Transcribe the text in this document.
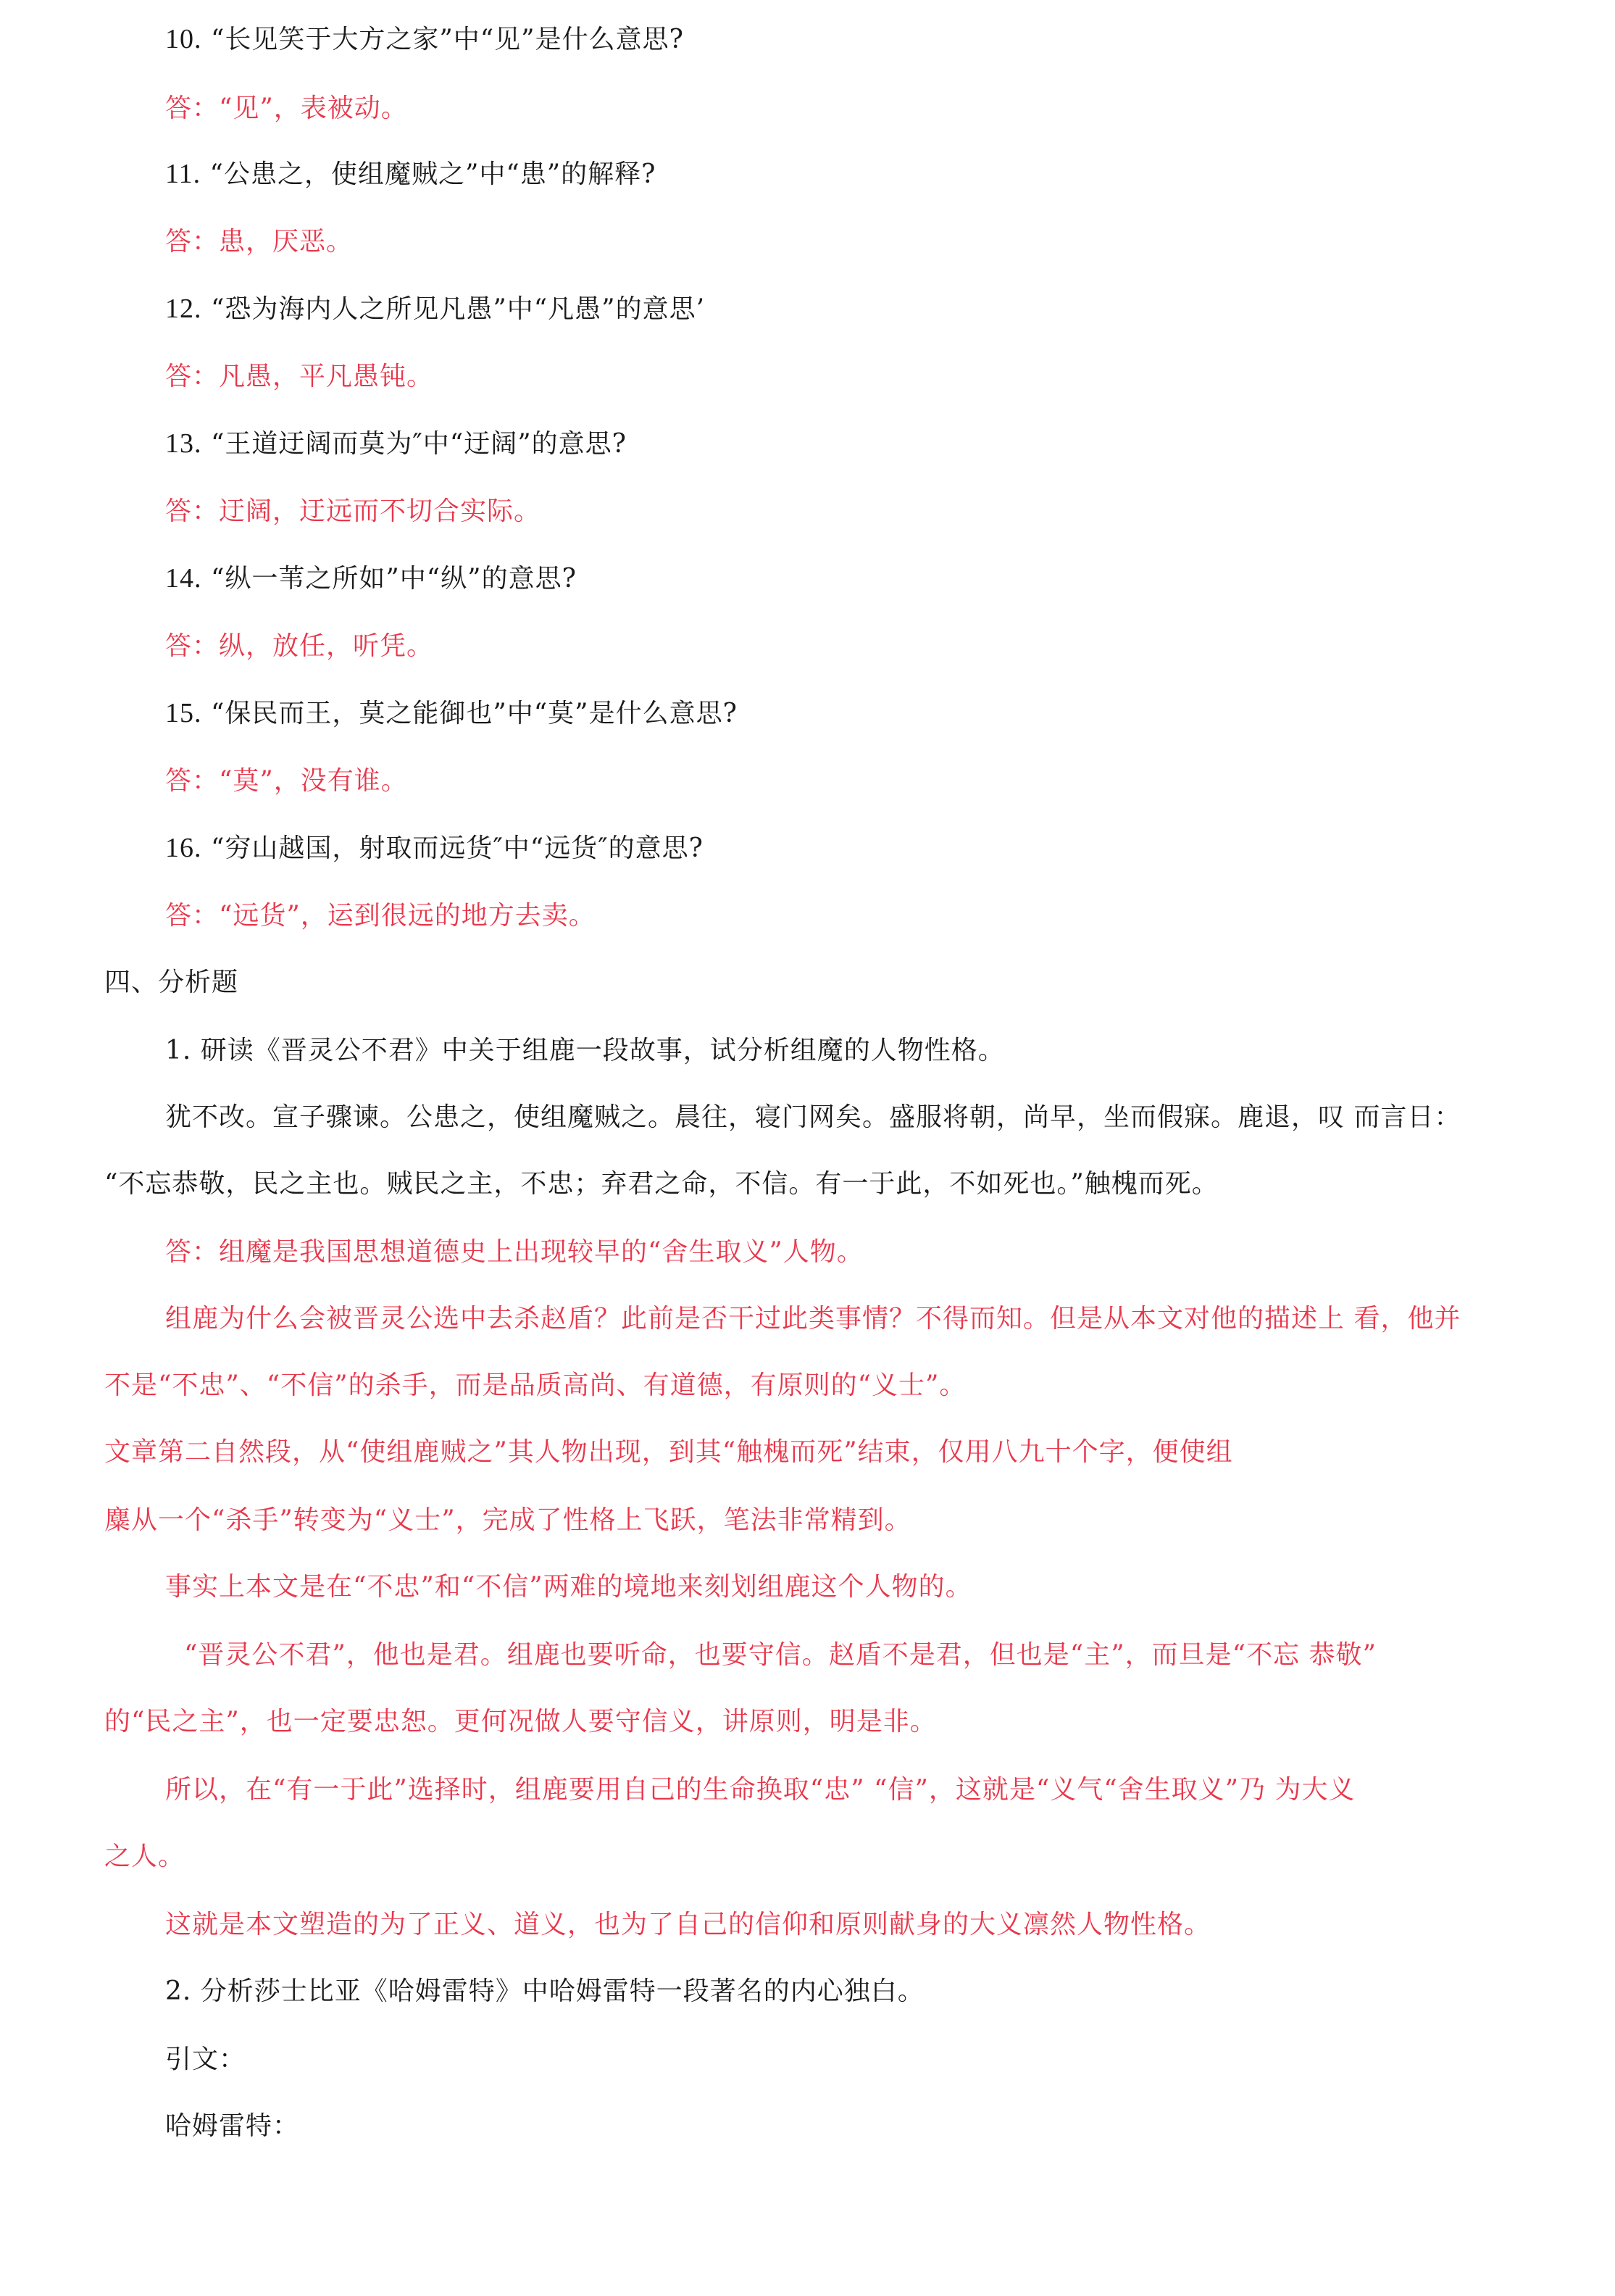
10. “长见笑于大方之家”中“见”是什么意思?

答：“见”，表被动。

11. “公患之，使组魔贼之”中“患”的解释?

答：患，厌恶。

12. “恐为海内人之所见凡愚”中“凡愚”的意思’

答：凡愚，平凡愚钝。

13. “王道迂阔而莫为″中“迂阔”的意思?

答：迂阔，迂远而不切合实际。

14. “纵一苇之所如”中“纵”的意思?

答：纵，放任，听凭。

15. “保民而王，莫之能御也”中“莫”是什么意思?

答：“莫”，没有谁。

16. “穷山越国，射取而远货″中“远货″的意思?

答：“远货”，运到很远的地方去卖。

四、分析题

1. 研读《晋灵公不君》中关于组鹿一段故事，试分析组魔的人物性格。

犹不改。宣子骤谏。公患之，使组魔贼之。晨往，寝门网矣。盛服将朝，尚早，坐而假寐。鹿退，叹 而言日：

“不忘恭敬，民之主也。贼民之主，不忠；弃君之命，不信。有一于此，不如死也。”触槐而死。

答：组魔是我国思想道德史上出现较早的“舍生取义”人物。

组鹿为什么会被晋灵公选中去杀赵盾？此前是否干过此类事情？不得而知。但是从本文对他的描述上 看，他并

不是“不忠”、“不信”的杀手，而是品质高尚、有道德，有原则的“义士”。

文章第二自然段，从“使组鹿贼之”其人物出现，到其“触槐而死”结束，仅用八九十个字，便使组

麋从一个“杀手”转变为“义士”，完成了性格上飞跃，笔法非常精到。

事实上本文是在“不忠”和“不信”两难的境地来刻划组鹿这个人物的。

“晋灵公不君”，他也是君。组鹿也要听命，也要守信。赵盾不是君，但也是“主”，而旦是“不忘 恭敬”

的“民之主”，也一定要忠恕。更何况做人要守信义，讲原则，明是非。

所以，在“有一于此”选择时，组鹿要用自己的生命换取“忠” “信”，这就是“义气“舍生取义”乃 为大义

之人。

这就是本文塑造的为了正义、道义，也为了自己的信仰和原则献身的大义凛然人物性格。

2. 分析莎士比亚《哈姆雷特》中哈姆雷特一段著名的内心独白。

引文：

哈姆雷特：
